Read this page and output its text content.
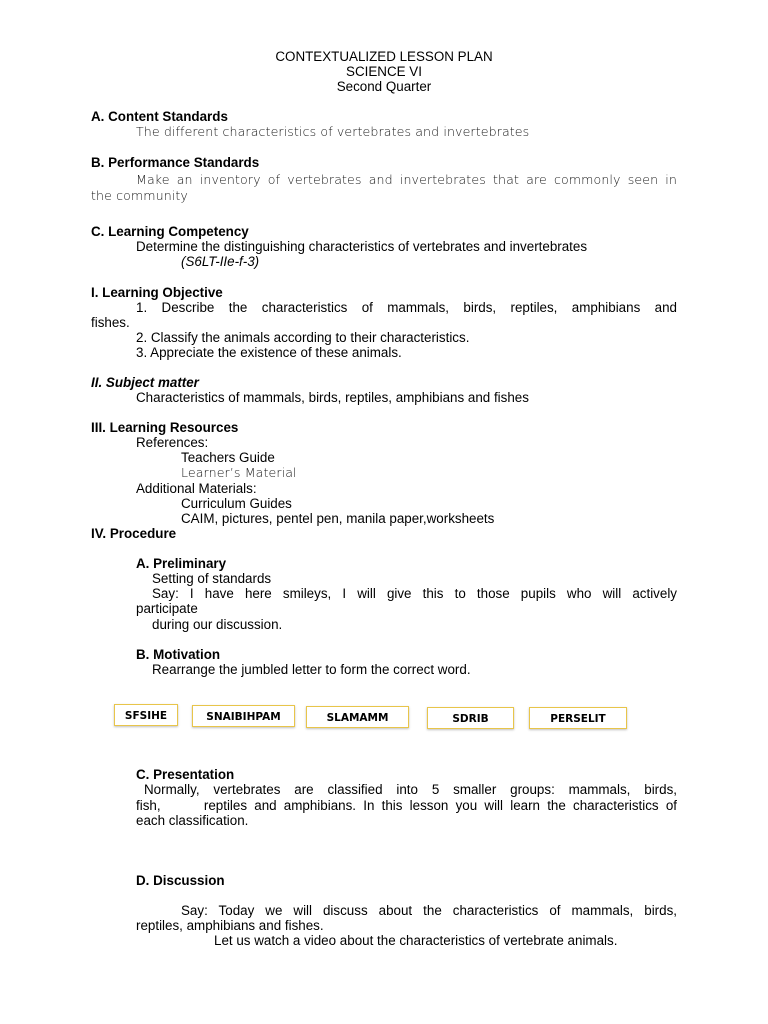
CONTEXTUALIZED LESSON PLAN
SCIENCE VI
Second Quarter
A. Content Standards
The different characteristics of vertebrates and invertebrates
B. Performance Standards
Make an inventory of vertebrates and invertebrates that are commonly seen in
the community
C. Learning Competency
Determine the distinguishing characteristics of vertebrates and invertebrates
(S6LT-IIe-f-3)
I. Learning Objective
1. Describe the characteristics of mammals, birds, reptiles, amphibians and
fishes.
2. Classify the animals according to their characteristics.
3. Appreciate the existence of these animals.
II. Subject matter
Characteristics of mammals, birds, reptiles, amphibians and fishes
III. Learning Resources
References:
Teachers Guide
Learner’s Material
Additional Materials:
Curriculum Guides
CAIM, pictures, pentel pen, manila paper,worksheets
IV. Procedure
A. Preliminary
Setting of standards
Say: I have here smileys, I will give this to those pupils who will actively
participate
during our discussion.
B. Motivation
Rearrange the jumbled letter to form the correct word.
SFSIHE	SNAIBIHPAM	SLAMAMM	SDRIB	PERSELIT
C. Presentation
Normally, vertebrates are classified into 5 smaller groups: mammals, birds,
fish,      reptiles and amphibians. In this lesson you will learn the characteristics of
each classification.
D. Discussion
Say: Today we will discuss about the characteristics of mammals, birds,
reptiles, amphibians and fishes.
Let us watch a video about the characteristics of vertebrate animals.
